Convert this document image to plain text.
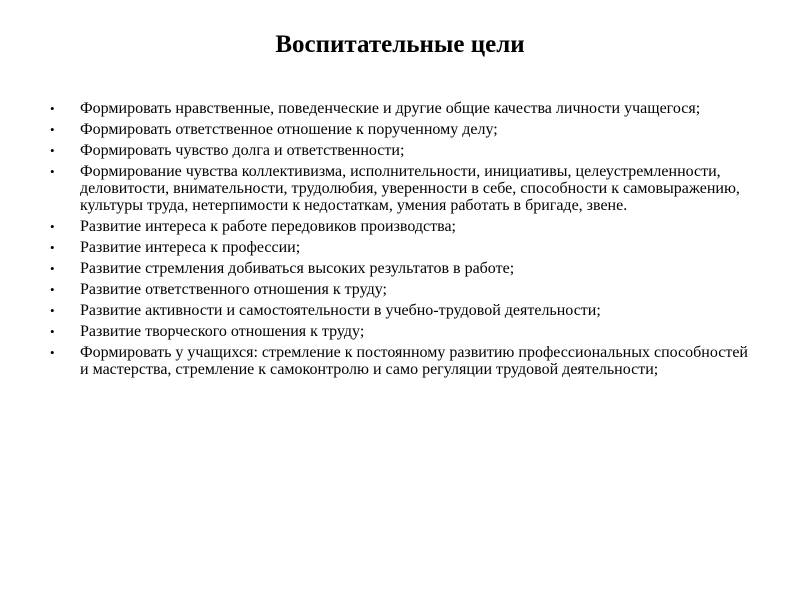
Воспитательные цели
• Формировать нравственные, поведенческие и другие общие качества личности учащегося;
• Формировать ответственное отношение к порученному делу;
• Формировать чувство долга и ответственности;
• Формирование чувства коллективизма, исполнительности, инициативы, целеустремленности, деловитости, внимательности, трудолюбия, уверенности в себе, способности к самовыражению, культуры труда, нетерпимости к недостаткам, умения работать в бригаде, звене.
• Развитие интереса к работе передовиков производства;
• Развитие интереса к профессии;
• Развитие стремления добиваться высоких результатов в работе;
• Развитие ответственного отношения к труду;
• Развитие активности и самостоятельности в учебно-трудовой деятельности;
• Развитие творческого отношения к труду;
• Формировать у учащихся: стремление к постоянному развитию профессиональных способностей и мастерства, стремление к самоконтролю и само регуляции трудовой деятельности;
